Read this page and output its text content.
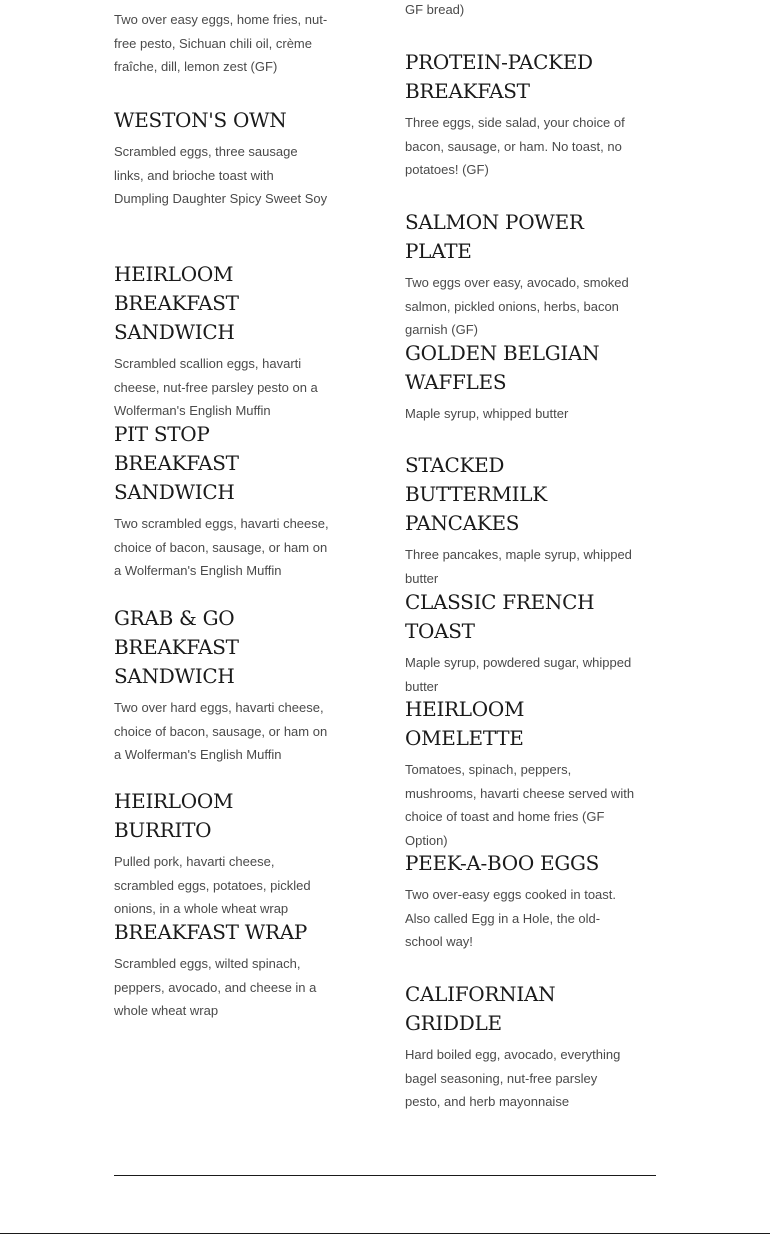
Two over easy eggs, home fries, nut-free pesto, Sichuan chili oil, crème fraîche, dill, lemon zest (GF)

WESTON'S OWN

Scrambled eggs, three sausage links, and brioche toast with Dumpling Daughter Spicy Sweet Soy

HEIRLOOM BREAKFAST SANDWICH

Scrambled scallion eggs, havarti cheese, nut-free parsley pesto on a Wolferman's English Muffin

PIT STOP BREAKFAST SANDWICH

Two scrambled eggs, havarti cheese, choice of bacon, sausage, or ham on a Wolferman's English Muffin

GRAB & GO BREAKFAST SANDWICH

Two over hard eggs, havarti cheese, choice of bacon, sausage, or ham on a Wolferman's English Muffin

HEIRLOOM BURRITO

Pulled pork, havarti cheese, scrambled eggs, potatoes, pickled onions, in a whole wheat wrap

BREAKFAST WRAP

Scrambled eggs, wilted spinach, peppers, avocado, and cheese in a whole wheat wrap

GF bread)

PROTEIN-PACKED BREAKFAST

Three eggs, side salad, your choice of bacon, sausage, or ham. No toast, no potatoes! (GF)

SALMON POWER PLATE

Two eggs over easy, avocado, smoked salmon, pickled onions, herbs, bacon garnish (GF)

GOLDEN BELGIAN WAFFLES

Maple syrup, whipped butter

STACKED BUTTERMILK PANCAKES

Three pancakes, maple syrup, whipped butter

CLASSIC FRENCH TOAST

Maple syrup, powdered sugar, whipped butter

HEIRLOOM OMELETTE

Tomatoes, spinach, peppers, mushrooms, havarti cheese served with choice of toast and home fries (GF Option)

PEEK-A-BOO EGGS

Two over-easy eggs cooked in toast. Also called Egg in a Hole, the old-school way!

CALIFORNIAN GRIDDLE

Hard boiled egg, avocado, everything bagel seasoning, nut-free parsley pesto, and herb mayonnaise
